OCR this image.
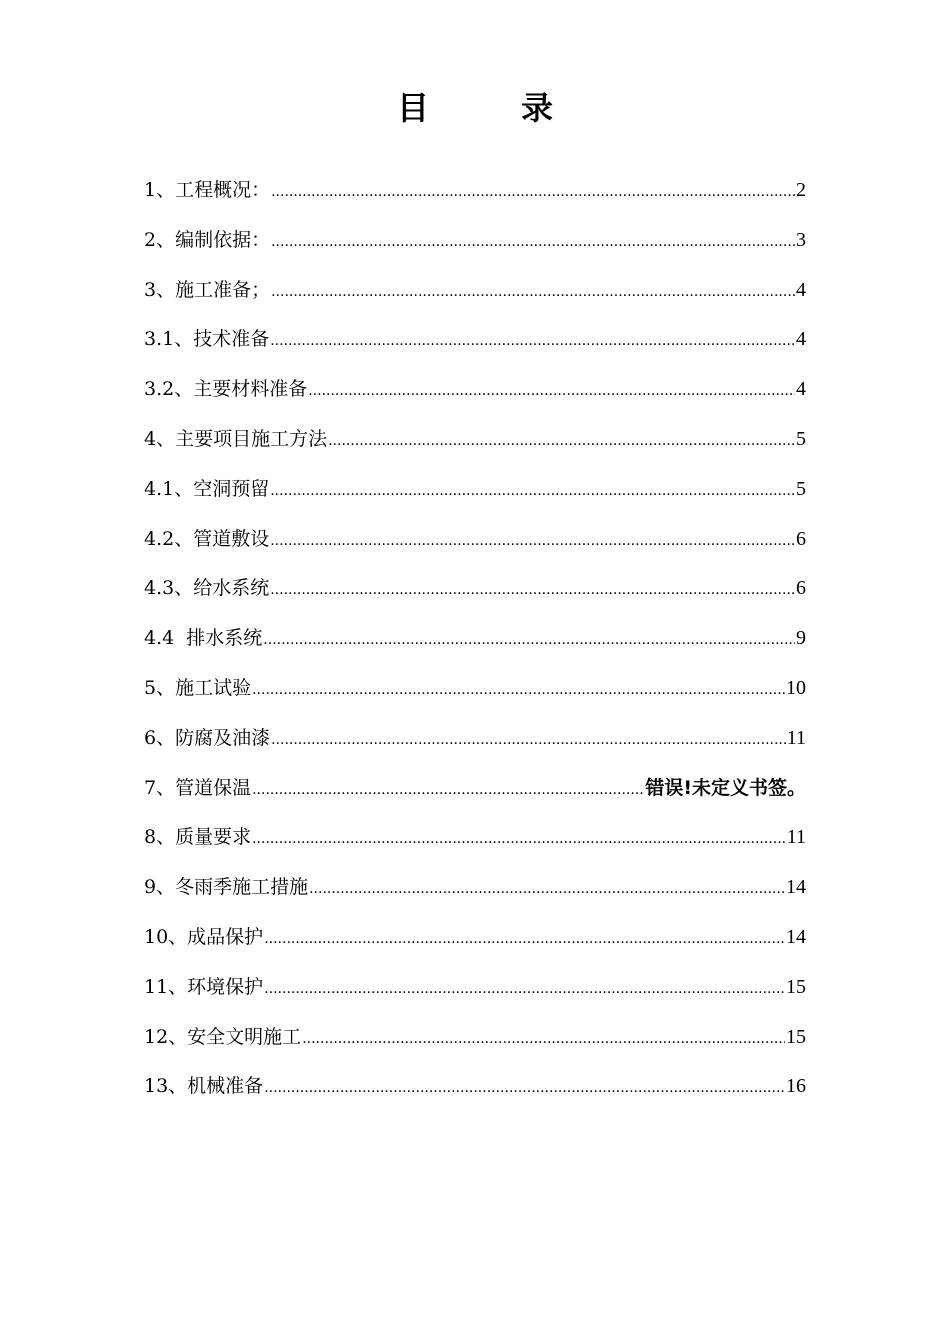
目　录
1、工程概况： .....	2
2、编制依据： .....	3
3、施工准备； .....	4
3.1、技术准备 .....	4
3.2、主要材料准备 .....	4
4、主要项目施工方法 .....	5
4.1、空洞预留 .....	5
4.2、管道敷设 .....	6
4.3、给水系统 .....	6
4.4  排水系统 .....	9
5、施工试验 .....	10
6、防腐及油漆 .....	11
7、管道保温 .....	错误!未定义书签。
8、质量要求 .....	11
9、冬雨季施工措施 .....	14
10、成品保护 .....	14
11、环境保护 .....	15
12、安全文明施工 .....	15
13、机械准备 .....	16
